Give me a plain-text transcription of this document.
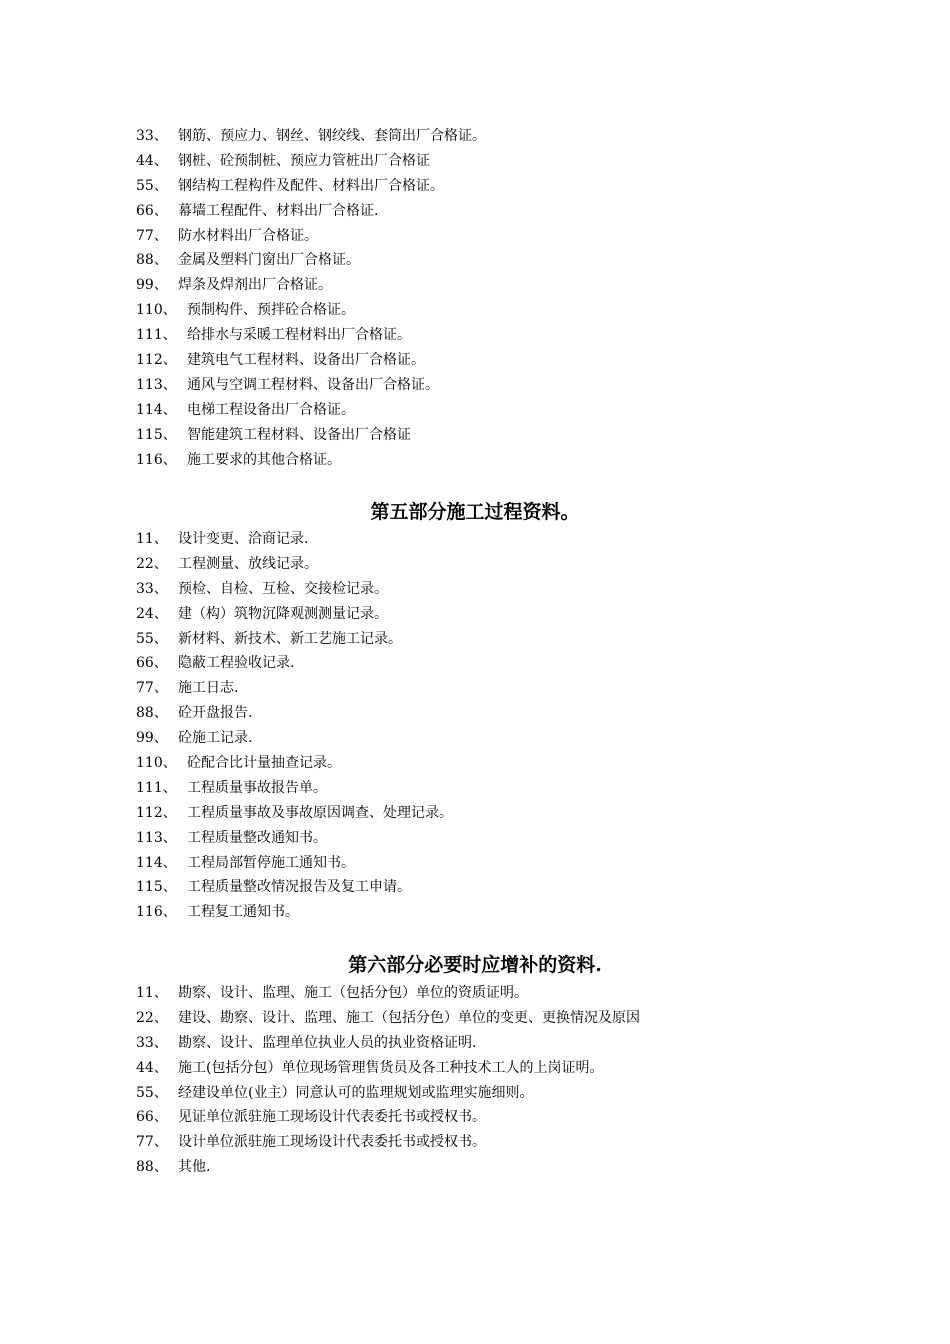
33、 钢筋、预应力、钢丝、钢绞线、套筒出厂合格证。
44、 钢桩、砼预制桩、预应力管桩出厂合格证
55、 钢结构工程构件及配件、材料出厂合格证。
66、 幕墙工程配件、材料出厂合格证.
77、 防水材料出厂合格证。
88、 金属及塑料门窗出厂合格证。
99、 焊条及焊剂出厂合格证。
110、 预制构件、预拌砼合格证。
111、 给排水与采暖工程材料出厂合格证。
112、 建筑电气工程材料、设备出厂合格证。
113、 通风与空调工程材料、设备出厂合格证。
114、 电梯工程设备出厂合格证。
115、 智能建筑工程材料、设备出厂合格证
116、 施工要求的其他合格证。
第五部分施工过程资料。
11、 设计变更、洽商记录.
22、 工程测量、放线记录。
33、 预检、自检、互检、交接检记录。
24、 建（构）筑物沉降观测测量记录。
55、 新材料、新技术、新工艺施工记录。
66、 隐蔽工程验收记录.
77、 施工日志.
88、 砼开盘报告.
99、 砼施工记录.
110、 砼配合比计量抽查记录。
111、 工程质量事故报告单。
112、 工程质量事故及事故原因调查、处理记录。
113、 工程质量整改通知书。
114、 工程局部暂停施工通知书。
115、 工程质量整改情况报告及复工申请。
116、 工程复工通知书。
第六部分必要时应增补的资料.
11、 勘察、设计、监理、施工（包括分包）单位的资质证明。
22、 建设、勘察、设计、监理、施工（包括分色）单位的变更、更换情况及原因
33、 勘察、设计、监理单位执业人员的执业资格证明.
44、 施工(包括分包）单位现场管理售货员及各工种技术工人的上岗证明。
55、 经建设单位(业主）同意认可的监理规划或监理实施细则。
66、 见证单位派驻施工现场设计代表委托书或授权书。
77、 设计单位派驻施工现场设计代表委托书或授权书。
88、 其他.
